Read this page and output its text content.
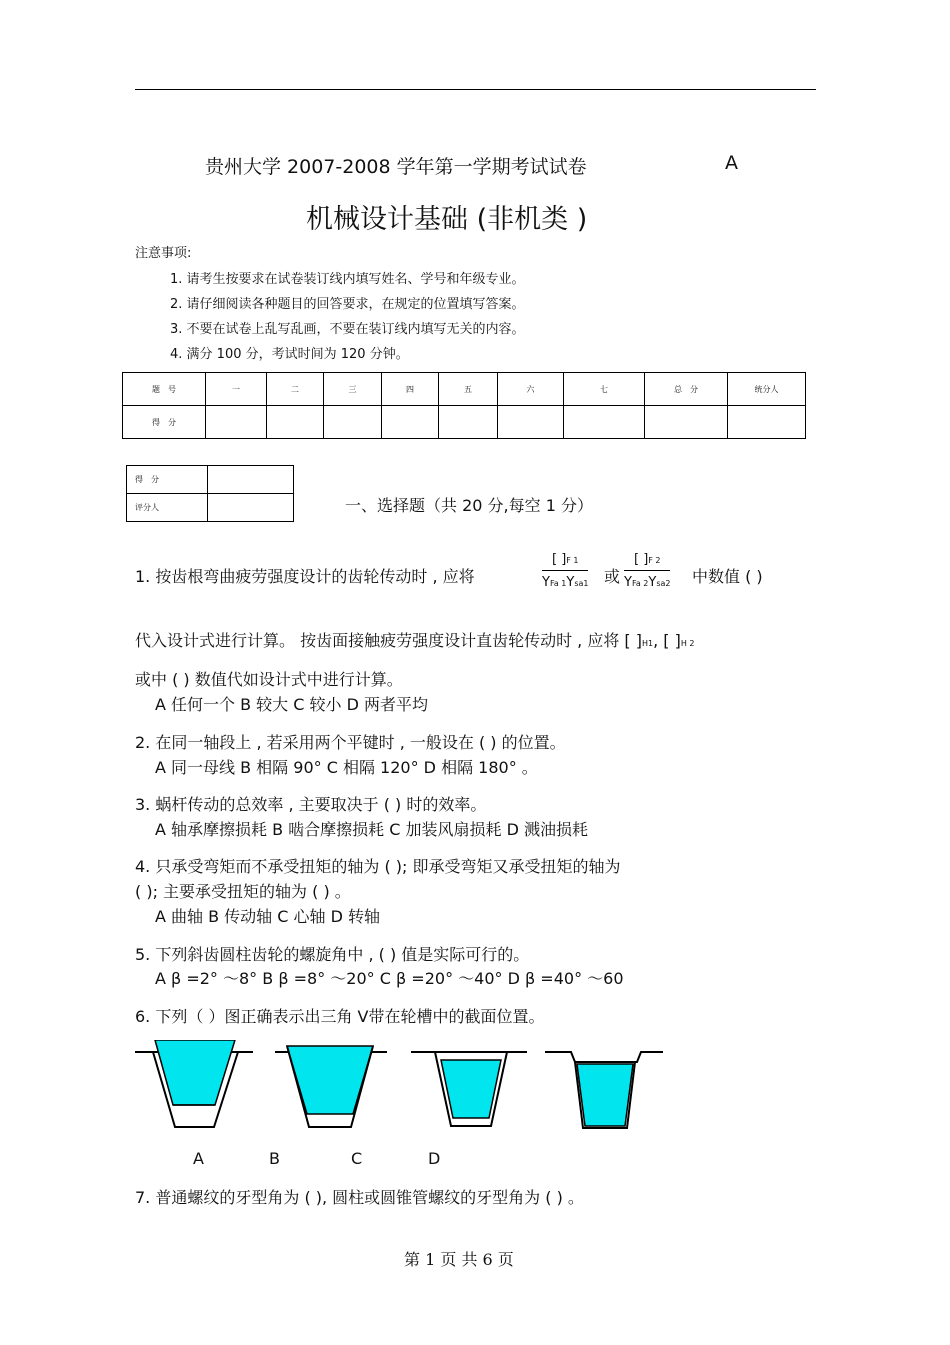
贵州大学 2007-2008 学年第一学期考试试卷	A
机械设计基础 (非机类 )
注意事项:
1. 请考生按要求在试卷装订线内填写姓名、学号和年级专业。
2. 请仔细阅读各种题目的回答要求，在规定的位置填写答案。
3. 不要在试卷上乱写乱画，不要在装订线内填写无关的内容。
4. 满分 100 分，考试时间为 120 分钟。
题　号	一	二	三	四	五	六	七	总　分	统分人
得　分									
得　分	
评分人		一、选择题（共 20 分,每空 1 分）
1. 按齿根弯曲疲劳强度设计的齿轮传动时 , 应将
[ ]F 1
YFa 1Ysa1 或
[ ]F 2
YFa 2Ysa2 中数值 ( )
代入设计式进行计算。 按齿面接触疲劳强度设计直齿轮传动时 , 应将 [ ]H1, [ ]H 2
或中 ( ) 数值代如设计式中进行计算。
A 任何一个 B 较大 C 较小 D 两者平均
2. 在同一轴段上 , 若采用两个平键时 , 一般设在 ( ) 的位置。
A 同一母线 B 相隔 90° C 相隔 120° D 相隔 180° 。
3. 蜗杆传动的总效率 , 主要取决于 ( ) 时的效率。
A 轴承摩擦损耗 B 啮合摩擦损耗 C 加装风扇损耗 D 溅油损耗
4. 只承受弯矩而不承受扭矩的轴为 ( ); 即承受弯矩又承受扭矩的轴为
( ); 主要承受扭矩的轴为 ( ) 。
A 曲轴 B 传动轴 C 心轴 D 转轴
5. 下列斜齿圆柱齿轮的螺旋角中 , ( ) 值是实际可行的。
A β =2° ～8° B β =8° ～20° C β =20° ～40° D β =40° ～60
6. 下列（ ）图正确表示出三角 V带在轮槽中的截面位置。
A	B	C	D
7. 普通螺纹的牙型角为 ( ), 圆柱或圆锥管螺纹的牙型角为 ( ) 。
第 1 页 共 6 页
